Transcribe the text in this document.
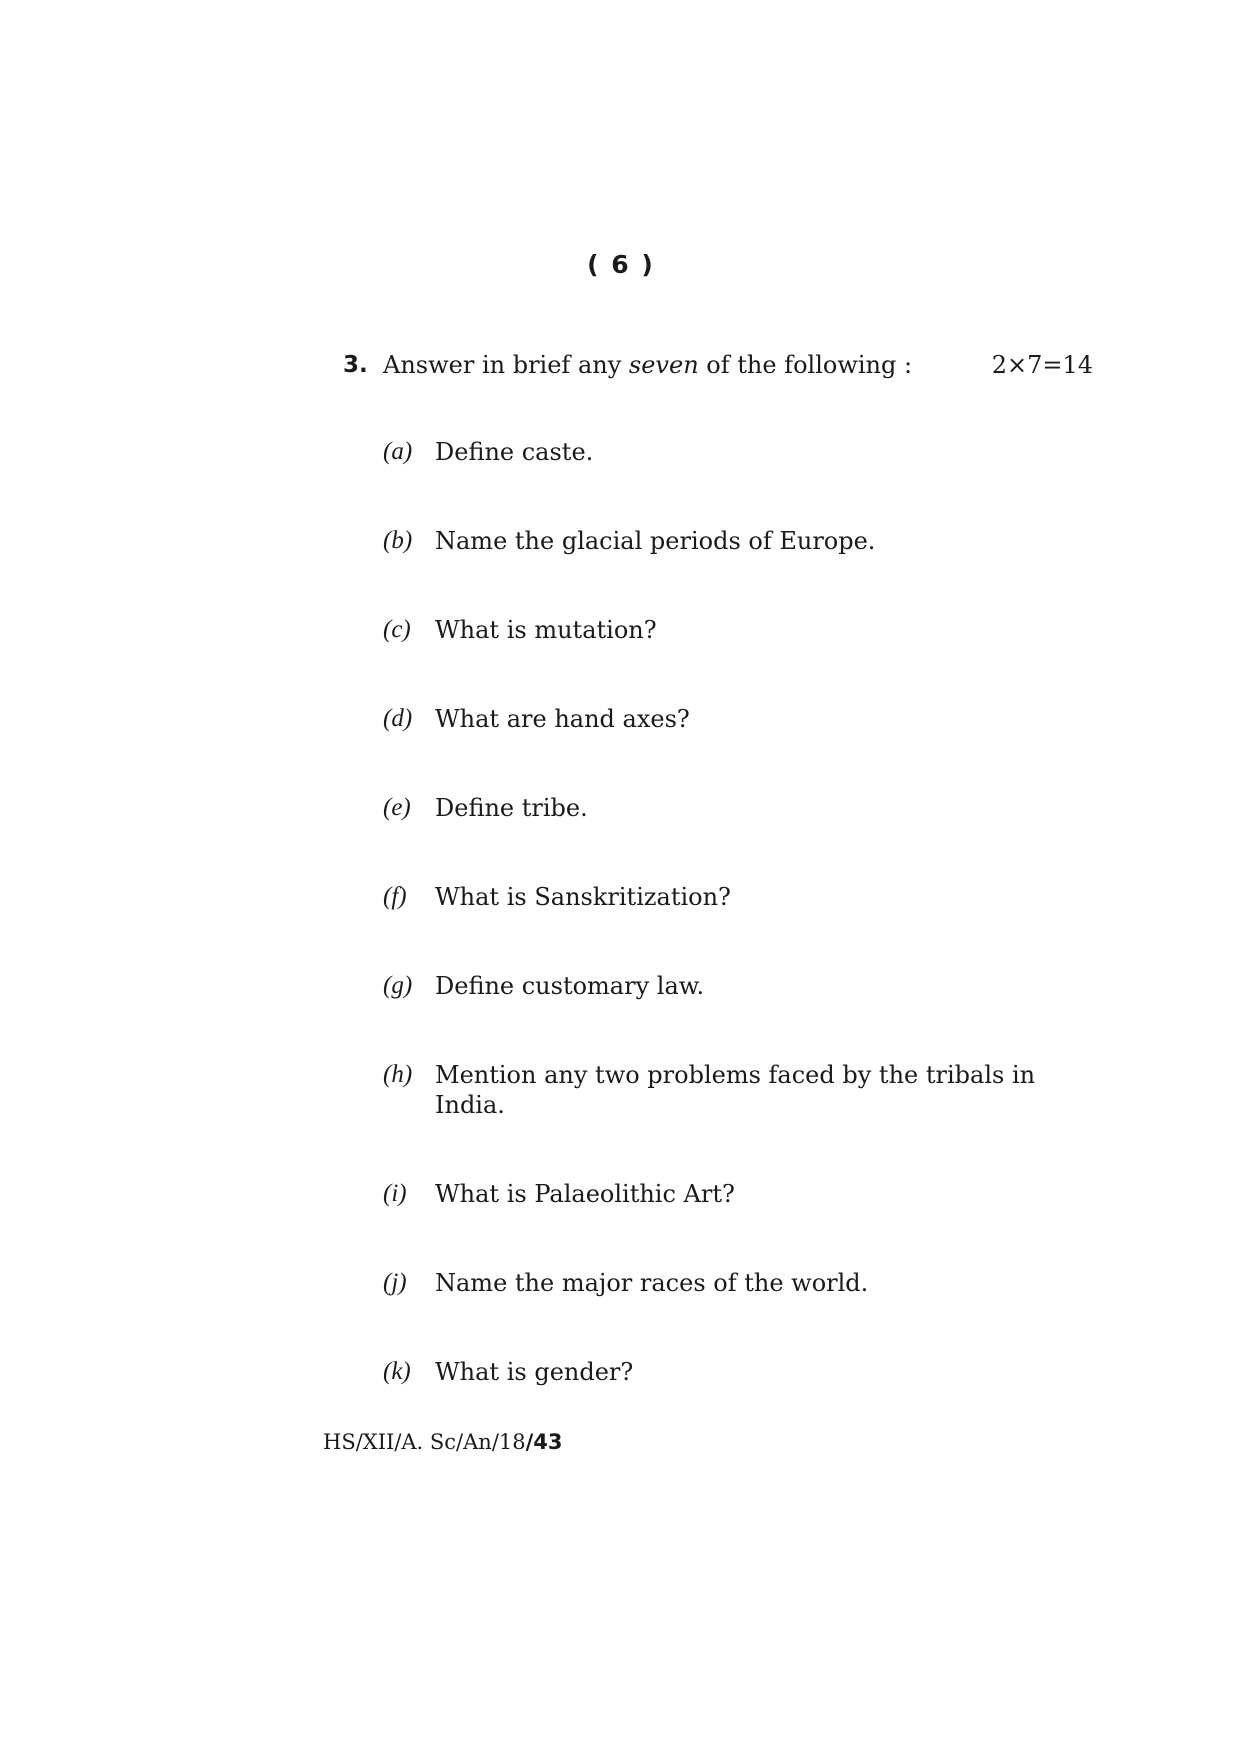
( 6 )
3. Answer in brief any seven of the following :	2×7=14
(a) Define caste.
(b) Name the glacial periods of Europe.
(c) What is mutation?
(d) What are hand axes?
(e) Define tribe.
(f) What is Sanskritization?
(g) Define customary law.
(h) Mention any two problems faced by the tribals in India.
(i) What is Palaeolithic Art?
(j) Name the major races of the world.
(k) What is gender?
HS/XII/A. Sc/An/18/43
